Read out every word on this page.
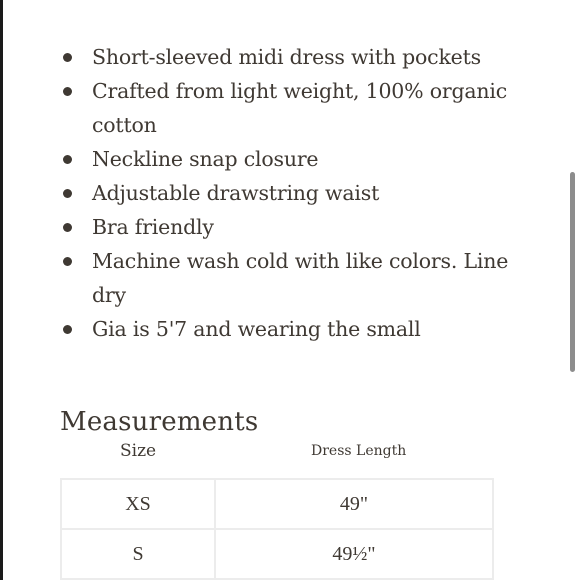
Short-sleeved midi dress with pockets
Crafted from light weight, 100% organic
cotton
Neckline snap closure
Adjustable drawstring waist
Bra friendly
Machine wash cold with like colors. Line
dry
Gia is 5'7 and wearing the small
Measurements
Size	Dress Length
XS	49"
S	49½"
